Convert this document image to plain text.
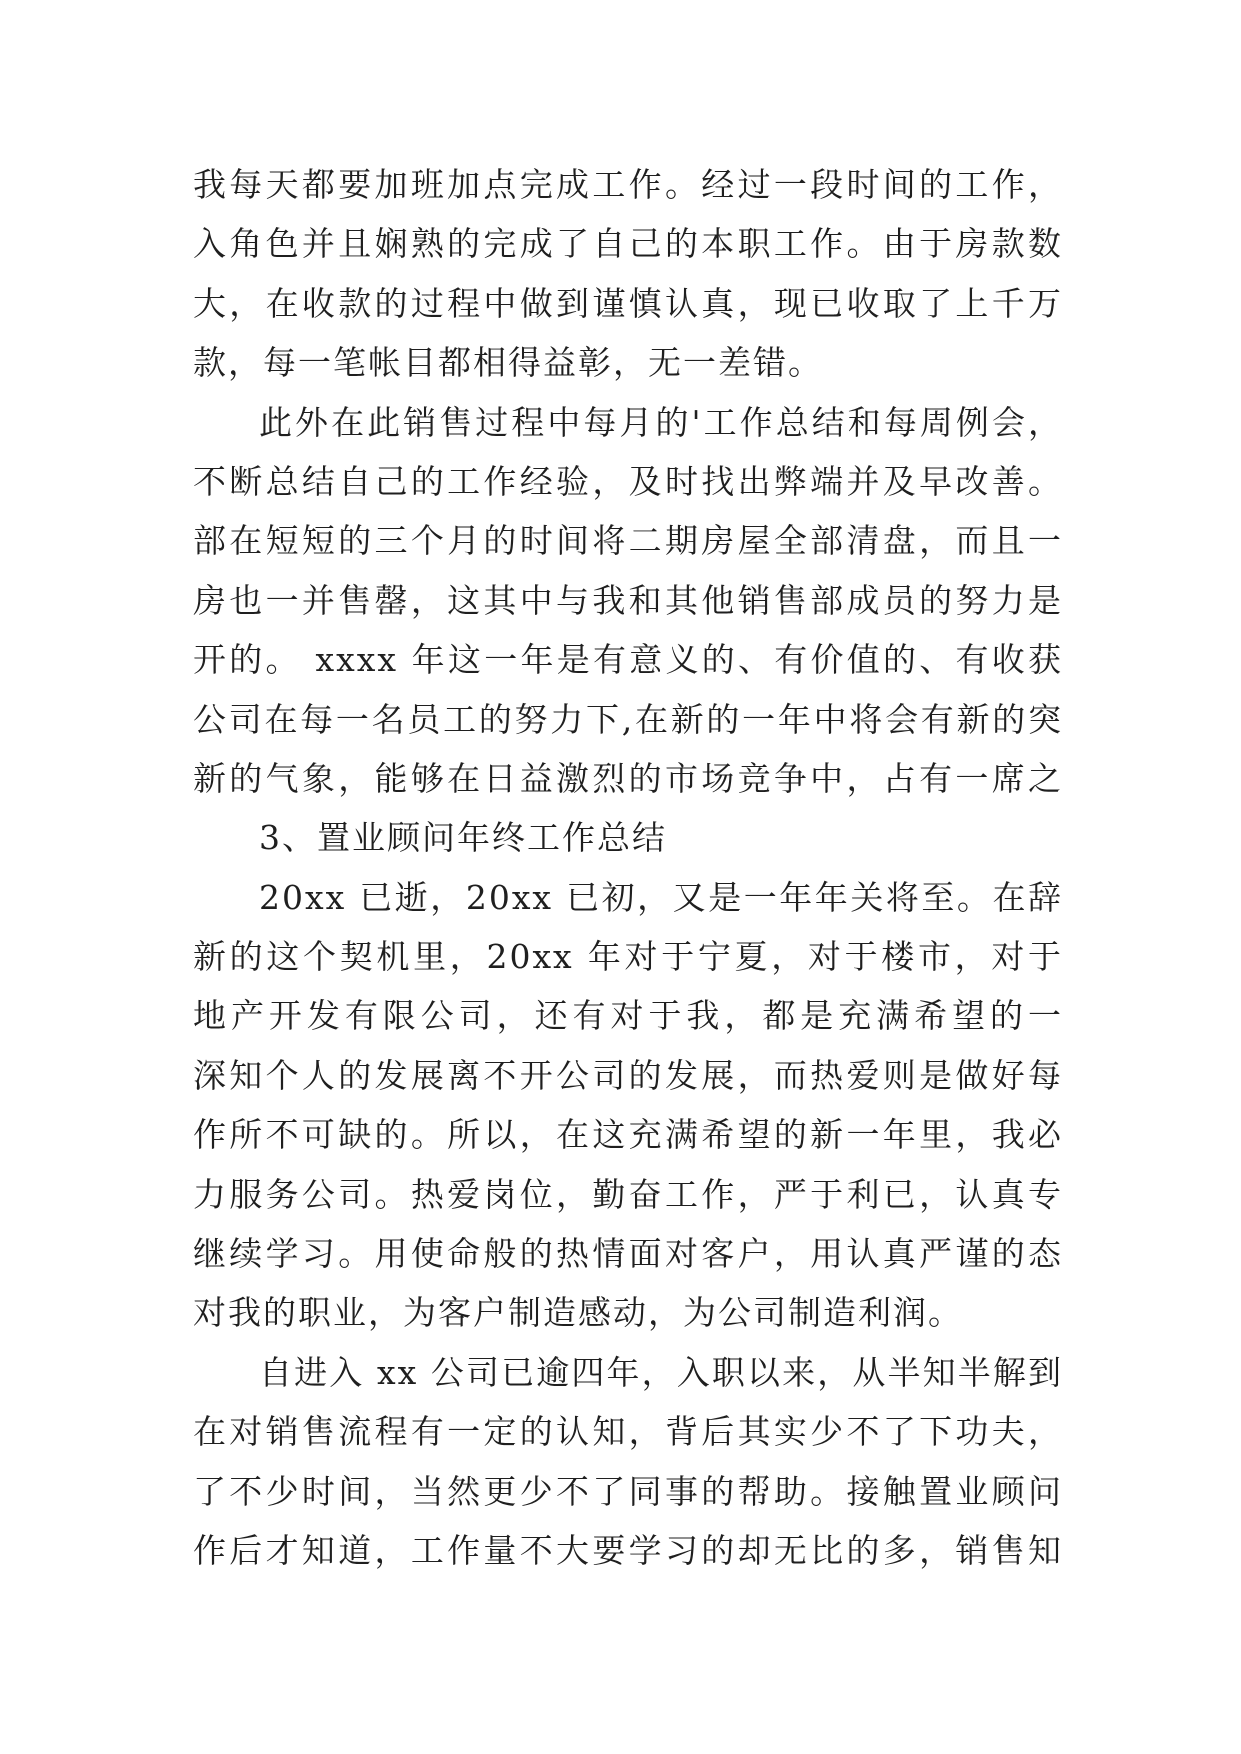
我每天都要加班加点完成工作。经过一段时间的工作，
入角色并且娴熟的完成了自己的本职工作。由于房款数
大，在收款的过程中做到谨慎认真，现已收取了上千万
款，每一笔帐目都相得益彰，无一差错。
此外在此销售过程中每月的'工作总结和每周例会，
不断总结自己的工作经验，及时找出弊端并及早改善。
部在短短的三个月的时间将二期房屋全部清盘，而且一
房也一并售罄，这其中与我和其他销售部成员的努力是
开的。 xxxx 年这一年是有意义的、有价值的、有收获
公司在每一名员工的努力下,在新的一年中将会有新的突
新的气象，能够在日益激烈的市场竞争中，占有一席之
3、置业顾问年终工作总结
20xx 已逝，20xx 已初，又是一年年关将至。在辞
新的这个契机里，20xx 年对于宁夏，对于楼市，对于
地产开发有限公司，还有对于我，都是充满希望的一
深知个人的发展离不开公司的发展，而热爱则是做好每
作所不可缺的。所以，在这充满希望的新一年里，我必
力服务公司。热爱岗位，勤奋工作，严于利已，认真专
继续学习。用使命般的热情面对客户，用认真严谨的态
对我的职业，为客户制造感动，为公司制造利润。
自进入 xx 公司已逾四年，入职以来，从半知半解到
在对销售流程有一定的认知，背后其实少不了下功夫，
了不少时间，当然更少不了同事的帮助。接触置业顾问
作后才知道，工作量不大要学习的却无比的多，销售知
